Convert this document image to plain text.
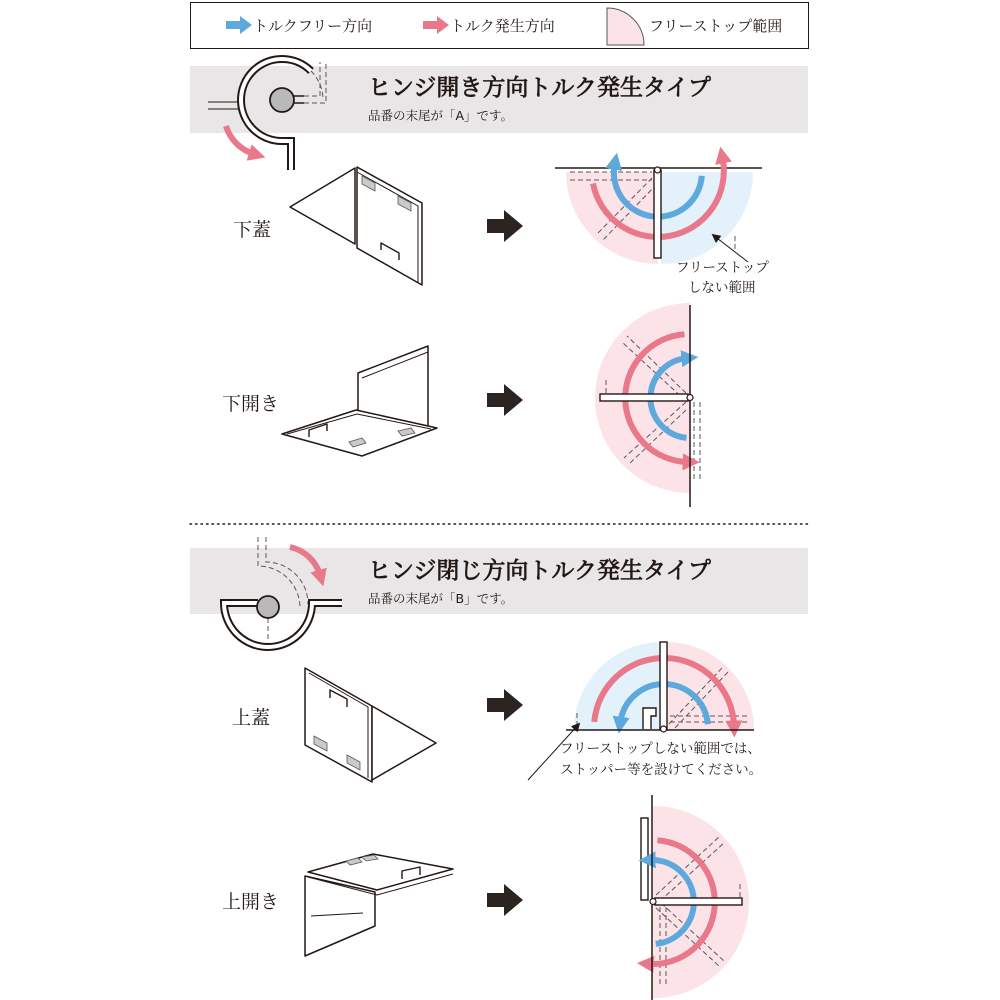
トルクフリー方向	トルク発生方向	フリーストップ範囲
ヒンジ開き方向トルク発生タイプ
品番の末尾が「A」です。
下蓋
フリーストップ
しない範囲
下開き
ヒンジ閉じ方向トルク発生タイプ
品番の末尾が「B」です。
上蓋
フリーストップしない範囲では、
ストッパー等を設けてください。
上開き
